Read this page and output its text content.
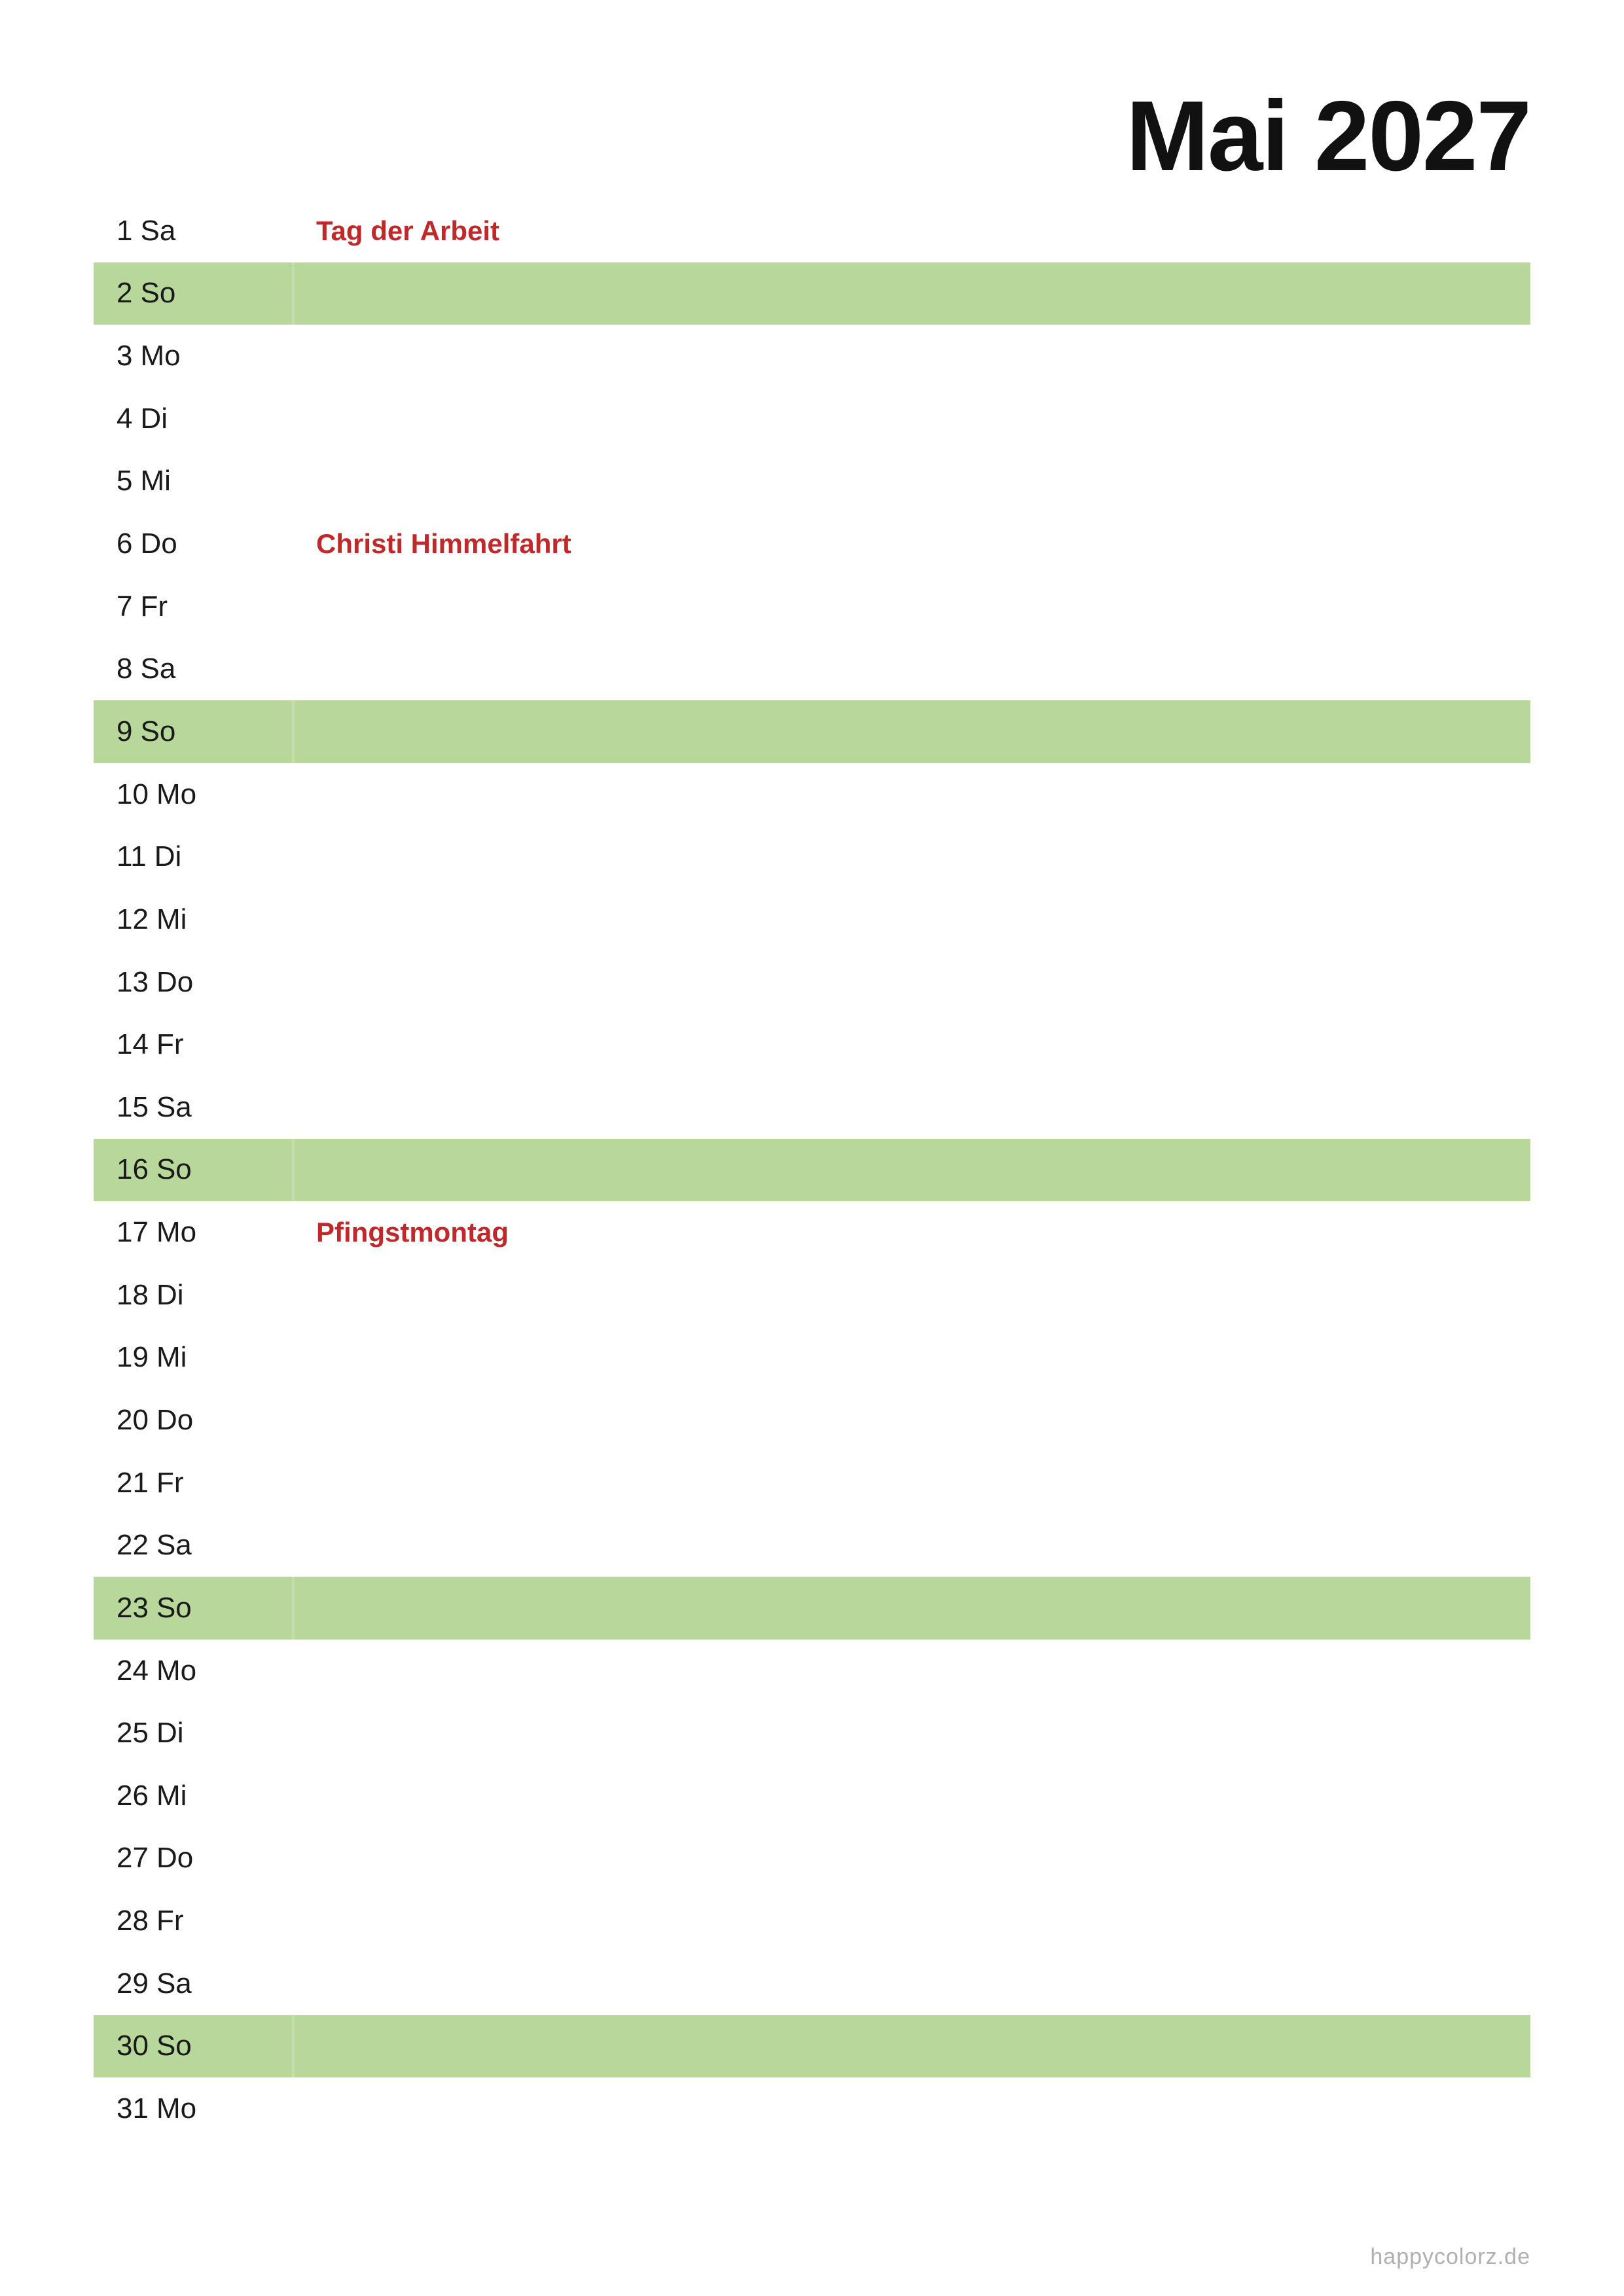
Mai 2027
1 Sa	Tag der Arbeit
2 So
3 Mo
4 Di
5 Mi
6 Do	Christi Himmelfahrt
7 Fr
8 Sa
9 So
10 Mo
11 Di
12 Mi
13 Do
14 Fr
15 Sa
16 So
17 Mo	Pfingstmontag
18 Di
19 Mi
20 Do
21 Fr
22 Sa
23 So
24 Mo
25 Di
26 Mi
27 Do
28 Fr
29 Sa
30 So
31 Mo
happycolorz.de
